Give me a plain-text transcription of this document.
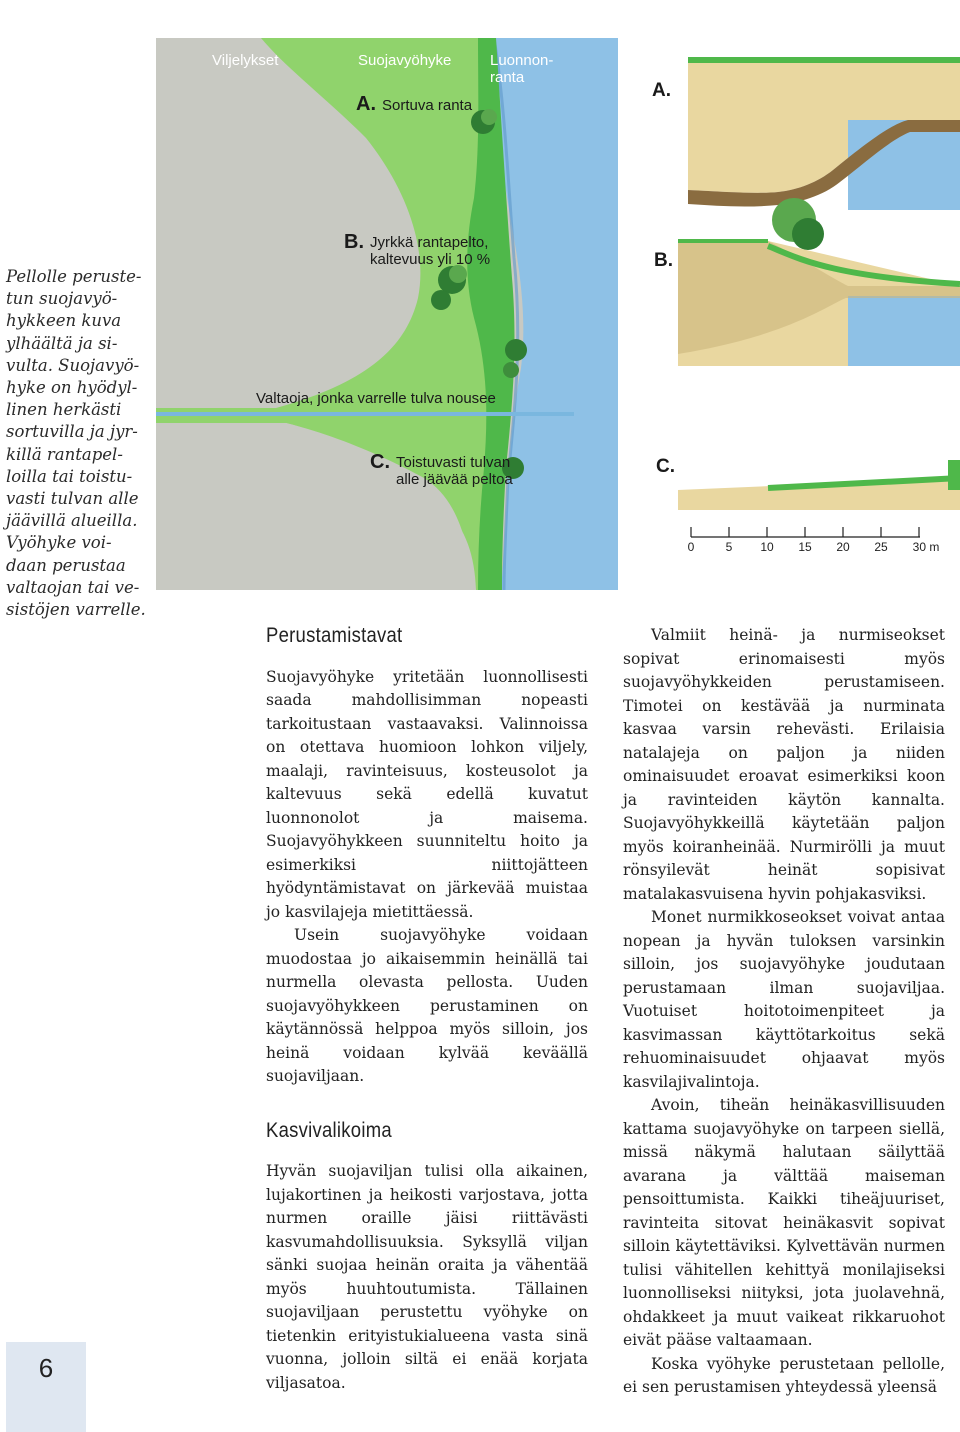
Pellolle peruste-
tun suojavyö-
hykkeen kuva
ylhäältä ja si-
vulta. Suojavyö-
hyke on hyödyl-
linen herkästi
sortuvilla ja jyr-
killä rantapel-
loilla tai toistu-
vasti tulvan alle
jäävillä alueilla.
Vyöhyke voi-
daan perustaa
valtaojan tai ve-
sistöjen varrelle.
Viljelykset	Suojavyöhyke	Luonnon-
ranta
A. Sortuva ranta
B. Jyrkkä rantapelto,
kaltevuus yli 10 %
Valtaoja, jonka varrelle tulva nousee
C. Toistuvasti tulvan
alle jäävää peltoa
A.
B.
C.
0	5 10 15 20 25 30 m
Perustamistavat

Suojavyöhyke yritetään luonnollisesti saada mahdollisimman nopeasti tarkoitustaan vastaavaksi. Valinnoissa on otettava huomioon lohkon viljely, maalaji, ravinteisuus, kosteusolot ja kaltevuus sekä edellä kuvatut luonnonolot ja maisema. Suojavyöhykkeen suunniteltu hoito ja esimerkiksi niittojätteen hyödyntämistavat on järkevää muistaa jo kasvilajeja mietittäessä.

Usein suojavyöhyke voidaan muodostaa jo aikaisemmin heinällä tai nurmella olevasta pellosta. Uuden suojavyöhykkeen perustaminen on käytännössä helppoa myös silloin, jos heinä voidaan kylvää keväällä suojaviljaan.

Kasvivalikoima

Hyvän suojaviljan tulisi olla aikainen, lujakortinen ja heikosti varjostava, jotta nurmen oraille jäisi riittävästi kasvumahdollisuuksia. Syksyllä viljan sänki suojaa heinän oraita ja vähentää myös huuhtoutumista. Tällainen suojaviljaan perustettu vyöhyke on tietenkin erityistukialueena vasta sinä vuonna, jolloin siltä ei enää korjata viljasatoa.

Valmiit heinä- ja nurmiseokset sopivat erinomaisesti myös suojavyöhykkeiden perustamiseen. Timotei on kestävää ja nurminata kasvaa varsin rehevästi. Erilaisia natalajeja on paljon ja niiden ominaisuudet eroavat esimerkiksi koon ja ravinteiden käytön kannalta. Suojavyöhykkeillä käytetään paljon myös koiranheinää. Nurmirölli ja muut rönsyilevät heinät sopisivat matalakasvuisena hyvin pohjakasviksi.

Monet nurmikkoseokset voivat antaa nopean ja hyvän tuloksen varsinkin silloin, jos suojavyöhyke joudutaan perustamaan ilman suojaviljaa. Vuotuiset hoitotoimenpiteet ja kasvimassan käyttötarkoitus sekä rehuominaisuudet ohjaavat myös kasvilajivalintoja.

Avoin, tiheän heinäkasvillisuuden kattama suojavyöhyke on tarpeen siellä, missä näkymä halutaan säilyttää avarana ja välttää maiseman pensoittumista. Kaikki tiheäjuuriset, ravinteita sitovat heinäkasvit sopivat silloin käytettäviksi. Kylvettävän nurmen tulisi vähitellen kehittyä monilajiseksi luonnolliseksi niityksi, jota juolavehnä, ohdakkeet ja muut vaikeat rikkaruohot eivät pääse valtaamaan.

Koska vyöhyke perustetaan pellolle, ei sen perustamisen yhteydessä yleensä

6
